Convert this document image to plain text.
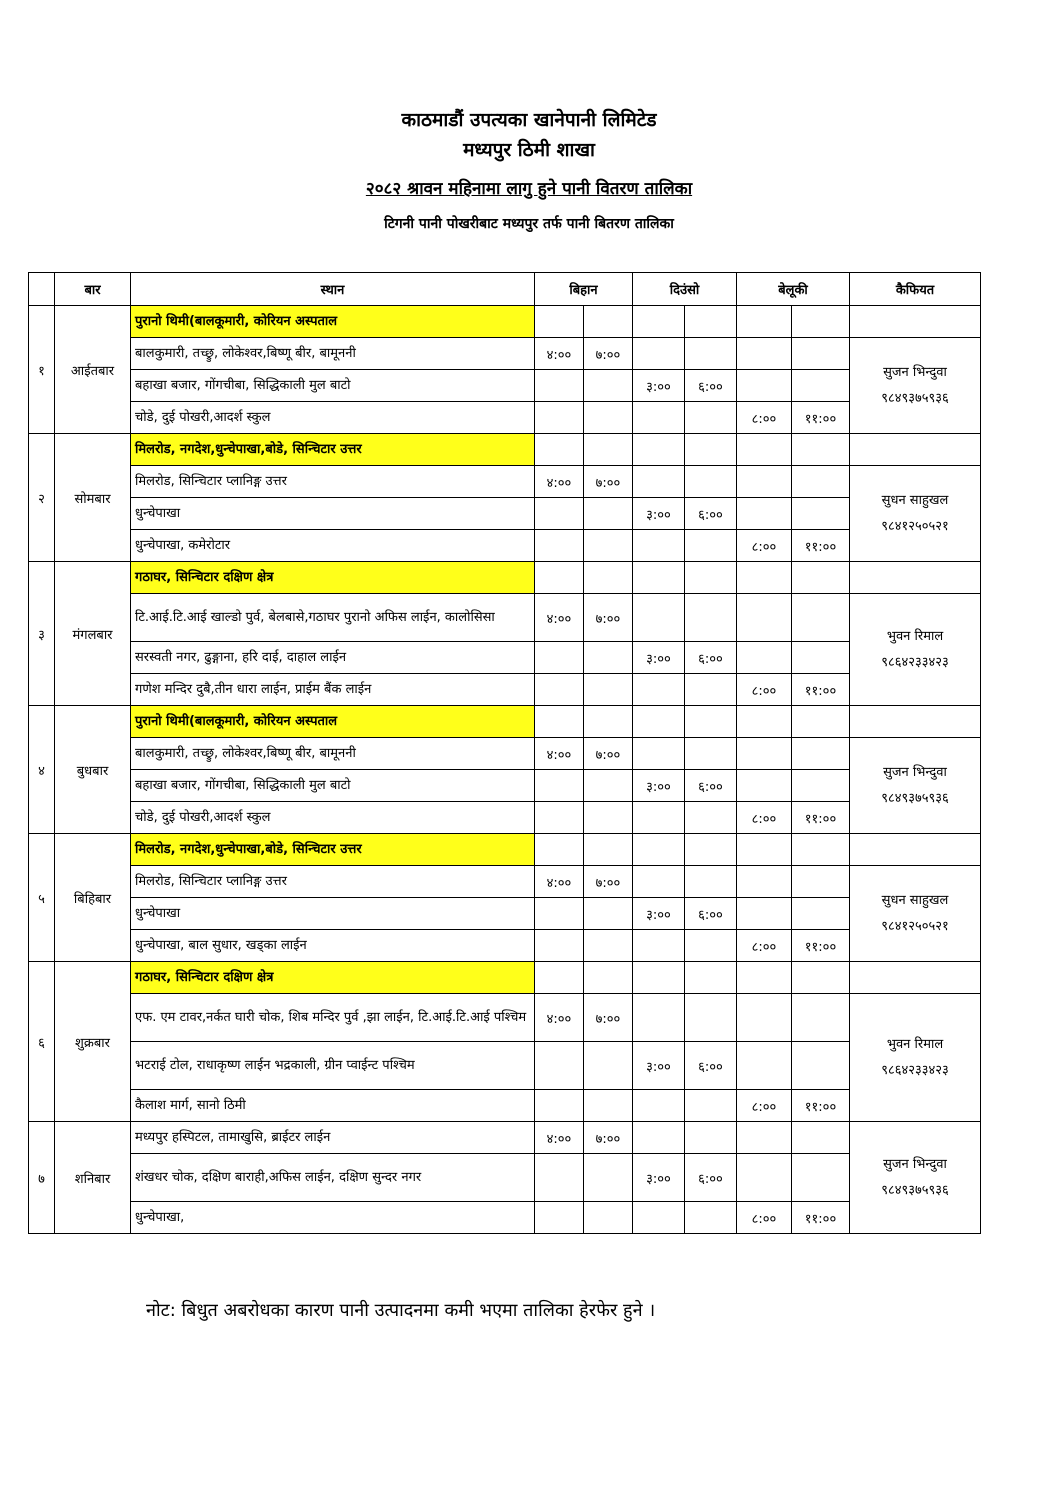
काठमाडौं उपत्यका खानेपानी लिमिटेड
मध्यपुर ठिमी शाखा
२०८२ श्रावन महिनामा लागु हुने पानी वितरण तालिका
टिगनी पानी पोखरीबाट मध्यपुर तर्फ पानी बितरण तालिका
	बार	स्थान	बिहान		दिउंसो		बेलूकी		कैफियत
१	आईतबार	पुरानो थिमी(बालकूमारी, कोरियन अस्पताल							
		बालकुमारी, तच्छ्रु, लोकेश्वर,बिष्णू बीर, बामूननी	४:००	७:००					सुजन भिन्दुवा
९८४९३७५९३६

		बहाखा बजार, गोंगचीबा, सिद्धिकाली मुल बाटो			३:००	६:००			
		चोडे, दुई पोखरी,आदर्श स्कुल					८:००	११:००	
२	सोमबार	मिलरोड, नगदेश,धुन्चेपाखा,बोडे, सिन्चिटार उत्तर							
		मिलरोड, सिन्चिटार प्लानिङ्ग उत्तर	४:००	७:००					सुधन साहुखल
९८४१२५०५२१

		धुन्चेपाखा			३:००	६:००			
		धुन्चेपाखा, कमेरोटार					८:००	११:००	
३	मंगलबार	गठाघर, सिन्चिटार दक्षिण क्षेत्र							
		टि.आई.टि.आई खाल्डो पुर्व, बेलबासे,गठाघर पुरानो अफिस लाईन, कालोसिसा	४:००	७:००					भुवन रिमाल
९८६४२३३४२३

		सरस्वती नगर, ढुङ्गाना, हरि दाई, दाहाल लाईन			३:००	६:००			
		गणेश मन्दिर दुबै,तीन धारा लाईन, प्राईम बैंक लाईन					८:००	११:००	
४	बुधबार	पुरानो थिमी(बालकूमारी, कोरियन अस्पताल							
		बालकुमारी, तच्छ्रु, लोकेश्वर,बिष्णू बीर, बामूननी	४:००	७:००					सुजन भिन्दुवा
९८४९३७५९३६

		बहाखा बजार, गोंगचीबा, सिद्धिकाली मुल बाटो			३:००	६:००			
		चोडे, दुई पोखरी,आदर्श स्कुल					८:००	११:००	
५	बिहिबार	मिलरोड, नगदेश,धुन्चेपाखा,बोडे, सिन्चिटार उत्तर							
		मिलरोड, सिन्चिटार प्लानिङ्ग उत्तर	४:००	७:००					सुधन साहुखल
९८४१२५०५२१

		धुन्चेपाखा			३:००	६:००			
		धुन्चेपाखा, बाल सुधार, खड्का लाईन					८:००	११:००	
६	शुक्रबार	गठाघर, सिन्चिटार दक्षिण क्षेत्र							
		एफ. एम टावर,नर्कत घारी चोक, शिब मन्दिर पुर्व ,झा लाईन, टि.आई.टि.आई पश्चिम	४:००	७:००					भुवन रिमाल
९८६४२३३४२३

		भटराई टोल, राधाकृष्ण लाईन भद्रकाली, ग्रीन प्वाईन्ट पश्चिम			३:००	६:००			
		कैलाश मार्ग, सानो ठिमी					८:००	११:००	
७	शनिबार	मध्यपुर हस्पिटल, तामाखुसि, ब्राईटर लाईन	४:००	७:००					सुजन भिन्दुवा
९८४९३७५९३६

		शंखधर चोक, दक्षिण बाराही,अफिस लाईन, दक्षिण सुन्दर नगर			३:००	६:००			
		धुन्चेपाखा,					८:००	११:००	
नोट: बिधुत अबरोधका कारण पानी उत्पादनमा कमी भएमा तालिका हेरफेर हुने ।
